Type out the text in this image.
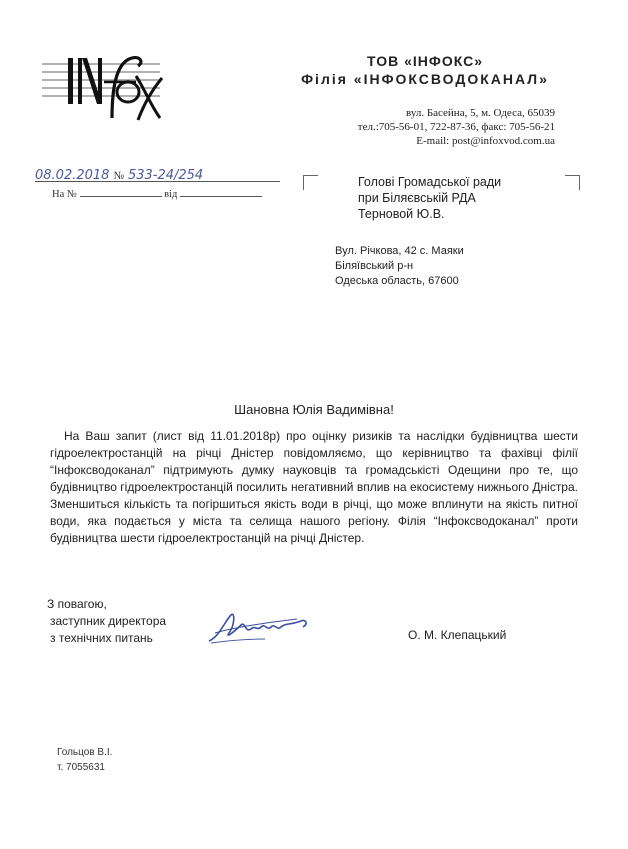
ТОВ «ІНФОКС»
Філія «ІНФОКСВОДОКАНАЛ»
вул. Басейна, 5, м. Одеса, 65039
тел.:705-56-01, 722-87-36, факс: 705-56-21
E-mail: post@infoxvod.com.ua
08.02.2018 № 533-24/254
На №	від
Голові Громадської ради
при Біляєвській РДА
Терновой Ю.В.
Вул. Річкова, 42 с. Маяки
Біляївський р-н
Одеська область, 67600
Шановна Юлія Вадимівна!
На Ваш запит (лист від 11.01.2018р) про оцінку ризиків та наслідки будівництва шести гідроелектростанцій на річці Дністер повідомляємо, що керівництво та фахівці філії “Інфоксводоканал” підтримують думку науковців та громадськісті Одещини про те, що будівництво гідроелектростанцій посилить негативний вплив на екосистему нижнього Дністра. Зменшиться кількість та погіршиться якість води в річці, що може вплинути на якість питної води, яка подається у міста та селища нашого регіону. Філія “Інфоксводоканал” проти будівництва шести гідроелектростанцій на річці Дністер.
З повагою,
заступник директора
з технічних питань	О. М. Клепацький
Гольцов В.І.
т. 7055631
